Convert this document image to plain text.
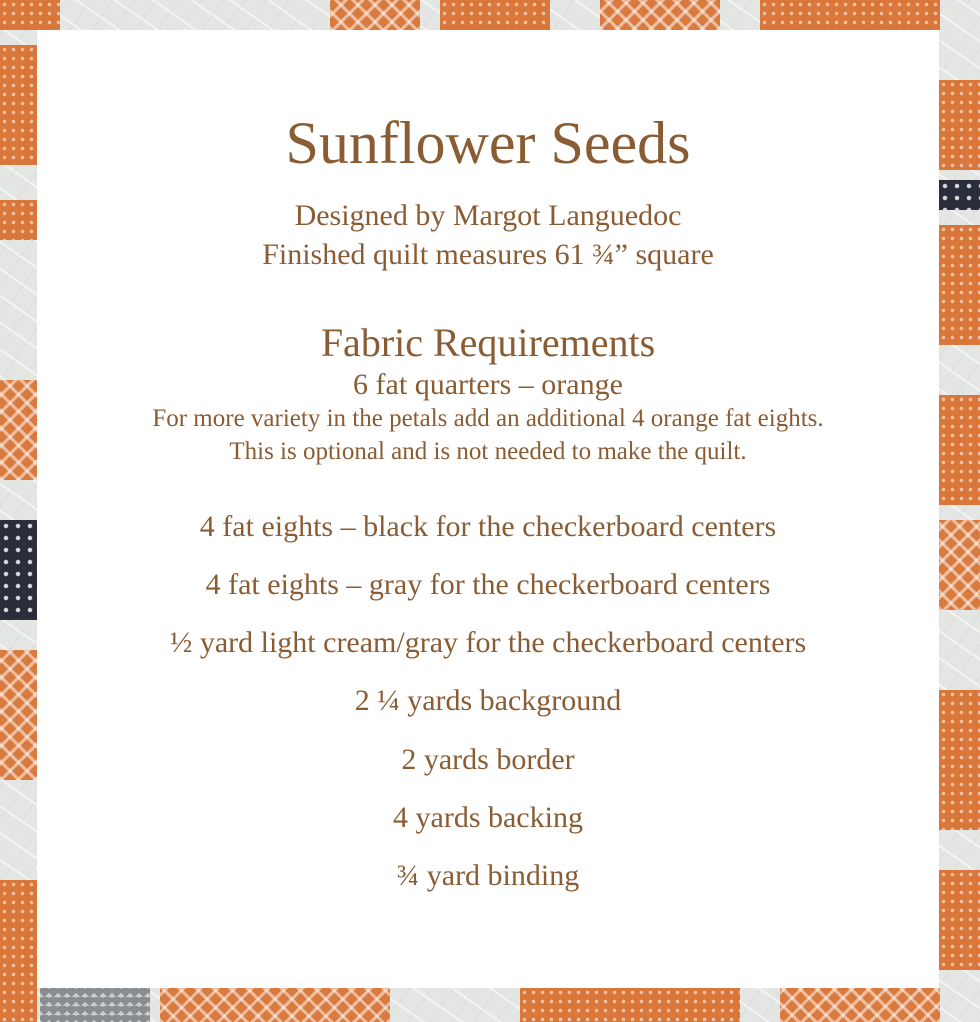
Sunflower Seeds
Designed by Margot Languedoc
Finished quilt measures 61 ¾” square
Fabric Requirements
6 fat quarters – orange
For more variety in the petals add an additional 4 orange fat eights.
This is optional and is not needed to make the quilt.
4 fat eights – black for the checkerboard centers
4 fat eights – gray for the checkerboard centers
½ yard light cream/gray for the checkerboard centers
2 ¼ yards background
2 yards border
4 yards backing
¾ yard binding
